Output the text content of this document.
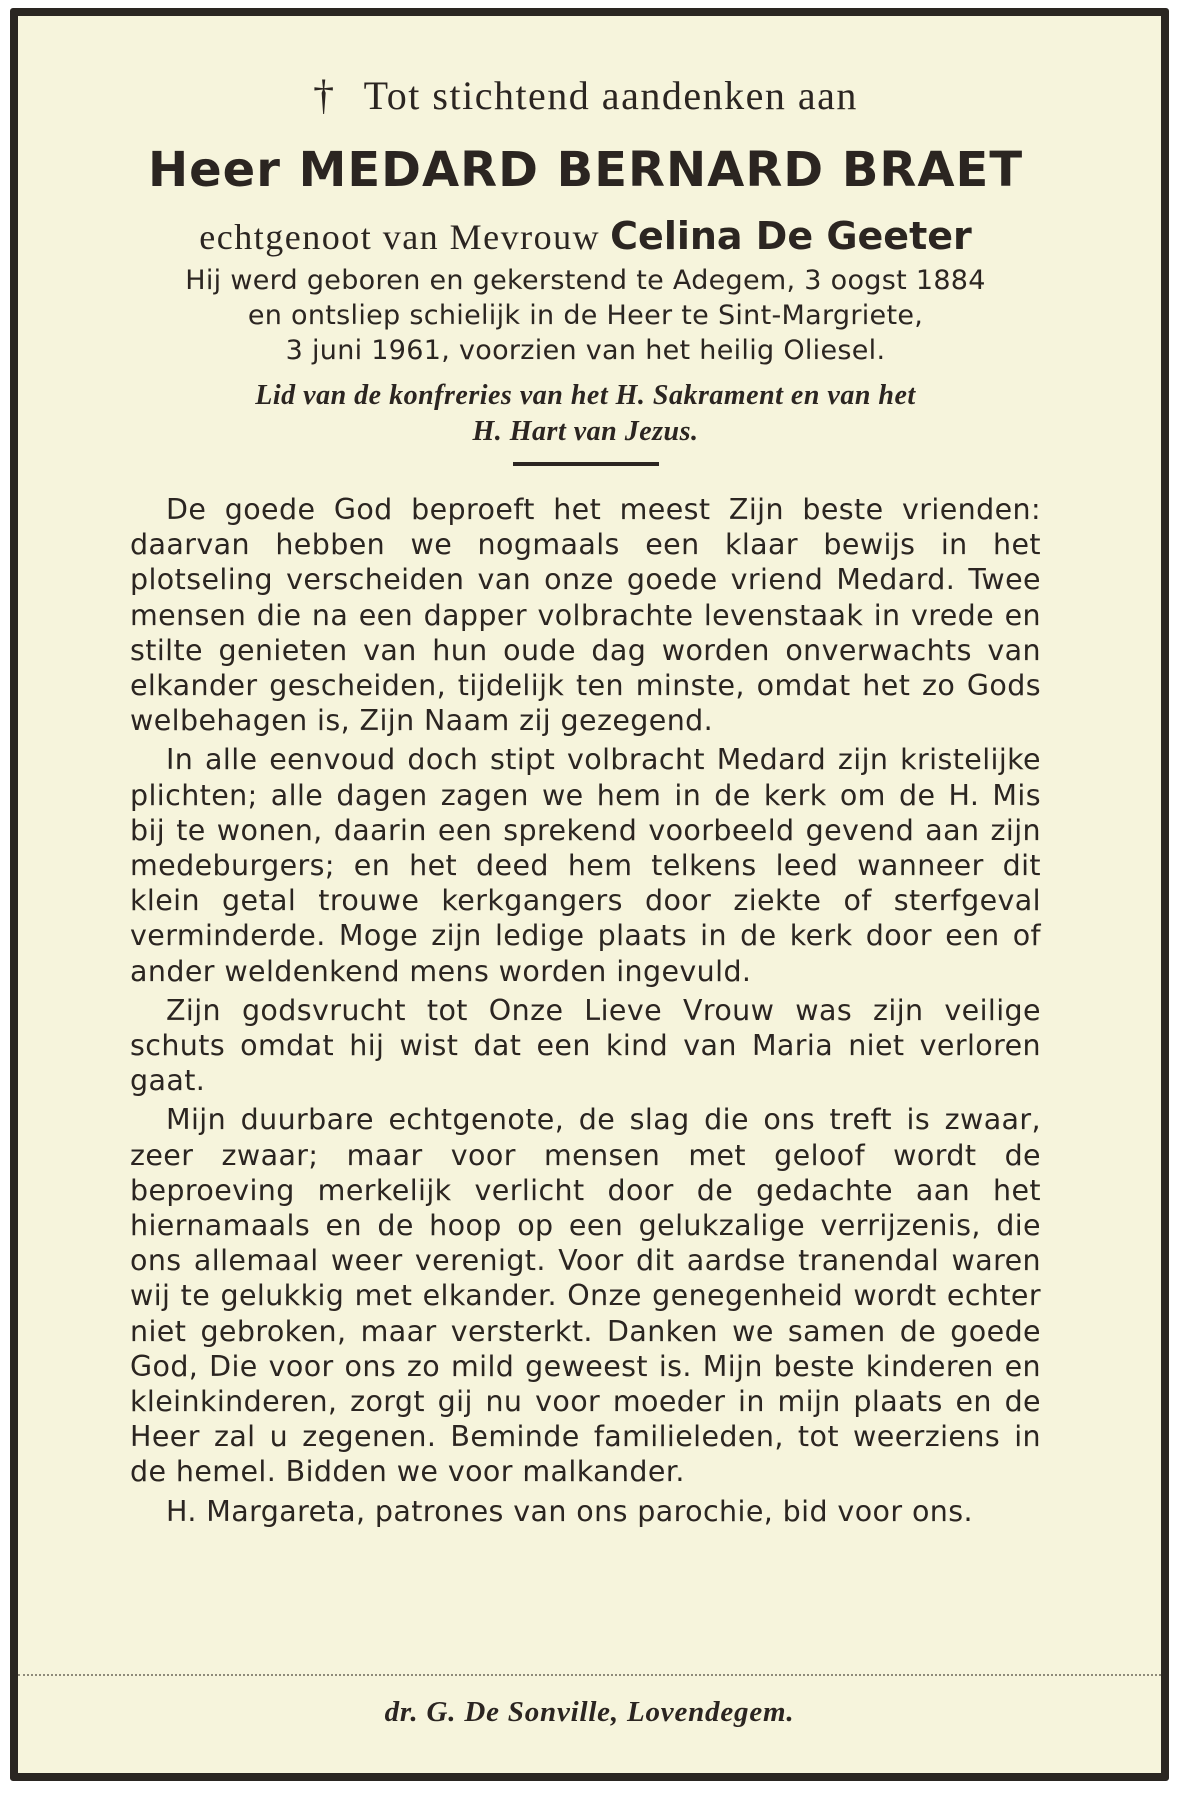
† Tot stichtend aandenken aan
Heer MEDARD BERNARD BRAET
echtgenoot van Mevrouw Celina De Geeter
Hij werd geboren en gekerstend te Adegem, 3 oogst 1884
en ontsliep schielijk in de Heer te Sint-Margriete,
3 juni 1961, voorzien van het heilig Oliesel.
Lid van de konfreries van het H. Sakrament en van het
H. Hart van Jezus.

De goede God beproeft het meest Zijn beste vrienden: daarvan hebben we nogmaals een klaar bewijs in het plotseling verscheiden van onze goede vriend Medard. Twee mensen die na een dapper volbrachte levenstaak in vrede en stilte genieten van hun oude dag worden onverwachts van elkander gescheiden, tijdelijk ten minste, omdat het zo Gods welbehagen is, Zijn Naam zij gezegend.

In alle eenvoud doch stipt volbracht Medard zijn kristelijke plichten; alle dagen zagen we hem in de kerk om de H. Mis bij te wonen, daarin een sprekend voorbeeld gevend aan zijn medeburgers; en het deed hem telkens leed wanneer dit klein getal trouwe kerkgangers door ziekte of sterfgeval verminderde. Moge zijn ledige plaats in de kerk door een of ander weldenkend mens worden ingevuld.

Zijn godsvrucht tot Onze Lieve Vrouw was zijn veilige schuts omdat hij wist dat een kind van Maria niet verloren gaat.

Mijn duurbare echtgenote, de slag die ons treft is zwaar, zeer zwaar; maar voor mensen met geloof wordt de beproeving merkelijk verlicht door de gedachte aan het hiernamaals en de hoop op een gelukzalige verrijzenis, die ons allemaal weer verenigt. Voor dit aardse tranendal waren wij te gelukkig met elkander. Onze genegenheid wordt echter niet gebroken, maar versterkt. Danken we samen de goede God, Die voor ons zo mild geweest is. Mijn beste kinderen en kleinkinderen, zorgt gij nu voor moeder in mijn plaats en de Heer zal u zegenen. Beminde familieleden, tot weerziens in de hemel. Bidden we voor malkander.

H. Margareta, patrones van ons parochie, bid voor ons.

dr. G. De Sonville, Lovendegem.
